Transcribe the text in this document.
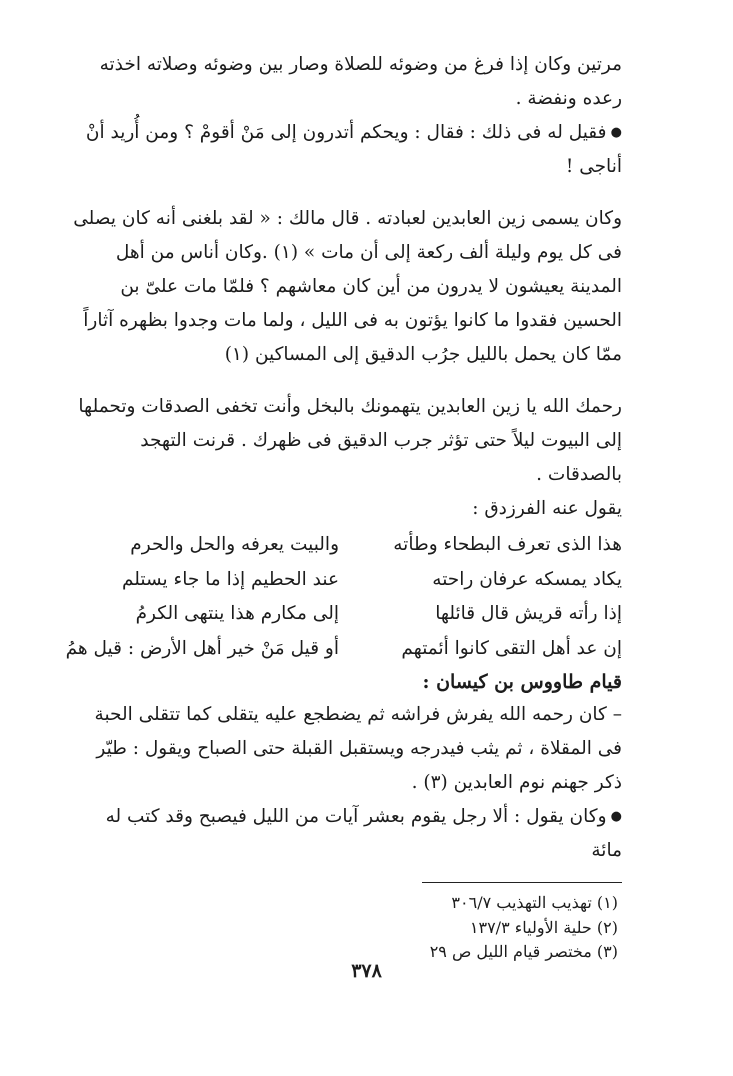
مرتين وكان إذا فرغ من وضوئه للصلاة وصار بين وضوئه وصلاته اخذته رعده ونفضة .

● فقيل له فى ذلك : فقال : ويحكم أتدرون إلى مَنْ أقومْ ؟ ومن أُريد أنْ أناجى !

وكان يسمى زين العابدين لعبادته . قال مالك : « لقد بلغنى أنه كان يصلى فى كل يوم وليلة ألف ركعة إلى أن مات » (١) .وكان أناس من أهل المدينة يعيشون لا يدرون من أين كان معاشهم ؟ فلمّا مات علىّ بن الحسين فقدوا ما كانوا يؤتون به فى الليل ، ولما مات وجدوا بظهره آثاراً ممّا كان يحمل بالليل جرُب الدقيق إلى المساكين (١)

رحمك الله يا زين العابدين يتهمونك بالبخل وأنت تخفى الصدقات وتحملها إلى البيوت ليلاً حتى تؤثر جرب الدقيق فى ظهرك . قرنت التهجد بالصدقات .

يقول عنه الفرزدق :

هذا الذى تعرف البطحاء وطأته
والبيت يعرفه والحل والحرم
يكاد يمسكه عرفان راحته
عند الحطيم إذا ما جاء يستلم
إذا رأته قريش قال قائلها
إلى مكارم هذا ينتهى الكرمُ
إن عد أهل التقى كانوا أئمتهم
أو قيل مَنْ خير أهل الأرض : قيل همُ

قيام طاووس بن كيسان :

– كان رحمه الله يفرش فراشه ثم يضطجع عليه يتقلى كما تتقلى الحبة فى المقلاة ، ثم يثب فيدرجه ويستقبل القبلة حتى الصباح ويقول : طيّر ذكر جهنم نوم العابدين (٣) .

● وكان يقول : ألا رجل يقوم بعشر آيات من الليل فيصبح وقد كتب له مائة

(١) تهذيب التهذيب ٣٠٦/٧

(٢) حلية الأولياء ١٣٧/٣

(٣) مختصر قيام الليل ص ٢٩

٣٧٨
